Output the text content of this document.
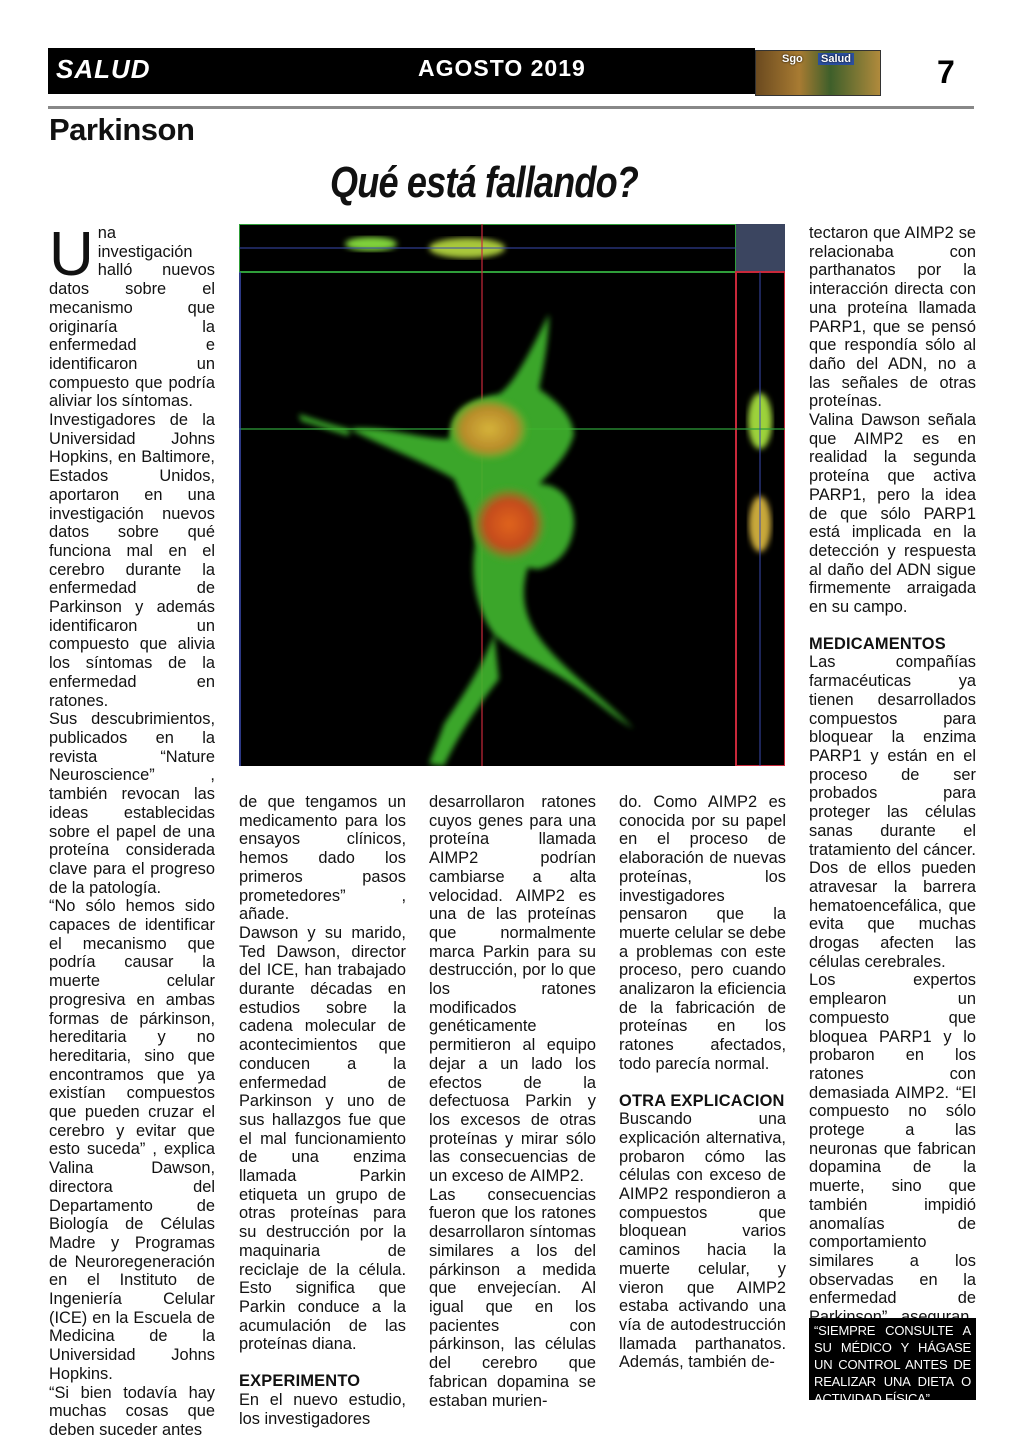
SALUD	AGOSTO 2019	Sgo Salud	7
Parkinson
Qué está fallando?

Una investigación halló nuevos datos sobre el mecanismo que originaría la enfermedad e identificaron un compuesto que podría aliviar los síntomas.

Investigadores de la Universidad Johns Hopkins, en Baltimore, Estados Unidos, aportaron en una investigación nuevos datos sobre qué funciona mal en el cerebro durante la enfermedad de Parkinson y además identificaron un compuesto que alivia los síntomas de la enfermedad en ratones.

Sus descubrimientos, publicados en la revista “Nature Neuroscience” , también revocan las ideas establecidas sobre el papel de una proteína considerada clave para el progreso de la patología.

“No sólo hemos sido capaces de identificar el mecanismo que podría causar la muerte celular progresiva en ambas formas de párkinson, hereditaria y no hereditaria, sino que encontramos que ya existían compuestos que pueden cruzar el cerebro y evitar que esto suceda” , explica Valina Dawson, directora del Departamento de Biología de Células Madre y Programas de Neuroregeneración en el Instituto de Ingeniería Celular (ICE) en la Escuela de Medicina de la Universidad Johns Hopkins.

“Si bien todavía hay muchas cosas que deben suceder antes

de que tengamos un medicamento para los ensayos clínicos, hemos dado los primeros pasos prometedores” , añade.

Dawson y su marido, Ted Dawson, director del ICE, han trabajado durante décadas en estudios sobre la cadena molecular de acontecimientos que conducen a la enfermedad de Parkinson y uno de sus hallazgos fue que el mal funcionamiento de una enzima llamada Parkin etiqueta un grupo de otras proteínas para su destrucción por la maquinaria de reciclaje de la célula. Esto significa que Parkin conduce a la acumulación de las proteínas diana.

EXPERIMENTO

En el nuevo estudio, los investigadores

desarrollaron ratones cuyos genes para una proteína llamada AIMP2 podrían cambiarse a alta velocidad. AIMP2 es una de las proteínas que normalmente marca Parkin para su destrucción, por lo que los ratones modificados genéticamente permitieron al equipo dejar a un lado los efectos de la defectuosa Parkin y los excesos de otras proteínas y mirar sólo las consecuencias de un exceso de AIMP2.

Las consecuencias fueron que los ratones desarrollaron síntomas similares a los del párkinson a medida que envejecían. Al igual que en los pacientes con párkinson, las células del cerebro que fabrican dopamina se estaban murien-

do. Como AIMP2 es conocida por su papel en el proceso de elaboración de nuevas proteínas, los investigadores pensaron que la muerte celular se debe a problemas con este proceso, pero cuando analizaron la eficiencia de la fabricación de proteínas en los ratones afectados, todo parecía normal.

OTRA EXPLICACION

Buscando una explicación alternativa, probaron cómo las células con exceso de AIMP2 respondieron a compuestos que bloquean varios caminos hacia la muerte celular, y vieron que AIMP2 estaba activando una vía de autodestrucción llamada parthanatos. Además, también de-

tectaron que AIMP2 se relacionaba con parthanatos por la interacción directa con una proteína llamada PARP1, que se pensó que respondía sólo al daño del ADN, no a las señales de otras proteínas.

Valina Dawson señala que AIMP2 es en realidad la segunda proteína que activa PARP1, pero la idea de que sólo PARP1 está implicada en la detección y respuesta al daño del ADN sigue firmemente arraigada en su campo.

MEDICAMENTOS

Las compañías farmacéuticas ya tienen desarrollados compuestos para bloquear la enzima PARP1 y están en el proceso de ser probados para proteger las células sanas durante el tratamiento del cáncer. Dos de ellos pueden atravesar la barrera hematoencefálica, que evita que muchas drogas afecten las células cerebrales.

Los expertos emplearon un compuesto que bloquea PARP1 y lo probaron en los ratones con demasiada AIMP2. “El compuesto no sólo protege a las neuronas que fabrican dopamina de la muerte, sino que también impidió anomalías de comportamiento similares a los observadas en la enfermedad de

“SIEMPRE CONSULTE A SU MÉDICO Y HÁGASE UN CONTROL ANTES DE REALIZAR UNA DIETA O ACTIVIDAD FÍSICA”
